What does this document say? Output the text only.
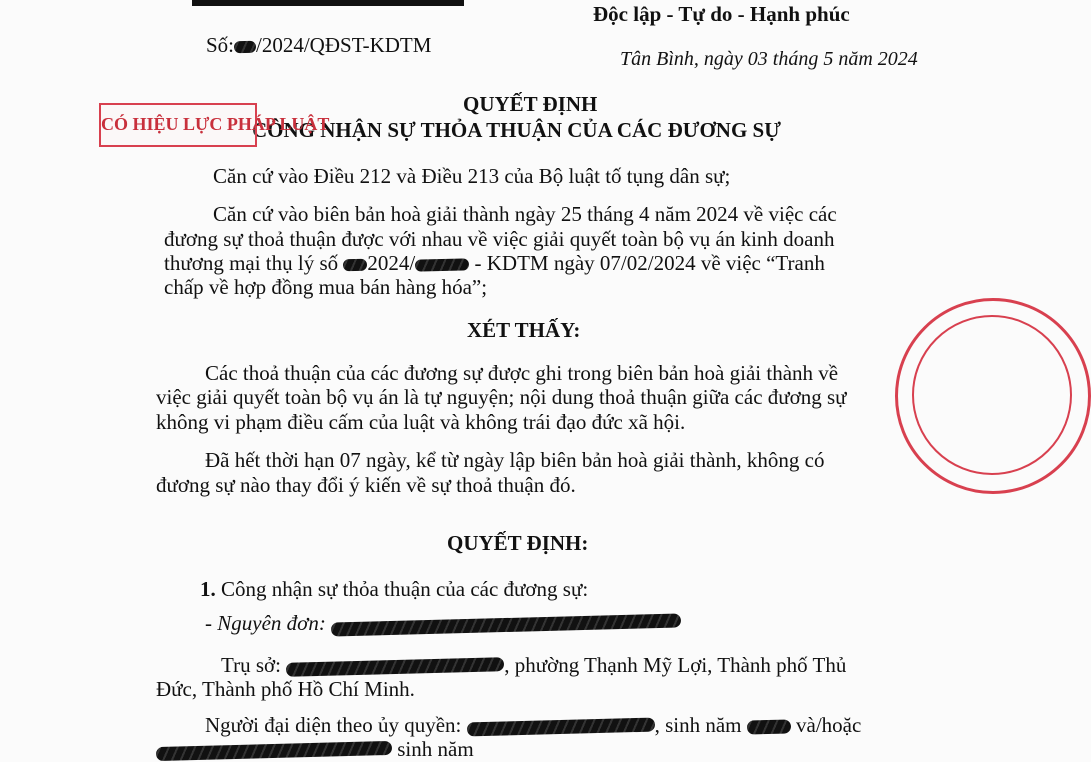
Độc lập - Tự do - Hạnh phúc
Số: /2024/QĐST-KDTM
Tân Bình, ngày 03 tháng 5 năm 2024
QUYẾT ĐỊNH
CÔNG NHẬN SỰ THỎA THUẬN CỦA CÁC ĐƯƠNG SỰ
CÓ HIỆU LỰC PHÁP LUẬT
Căn cứ vào Điều 212 và Điều 213 của Bộ luật tố tụng dân sự;
Căn cứ vào biên bản hoà giải thành ngày 25 tháng 4 năm 2024 về việc các
đương sự thoả thuận được với nhau về việc giải quyết toàn bộ vụ án kinh doanh
thương mại thụ lý số 2024/	- KDTM ngày 07/02/2024 về việc “Tranh
chấp về hợp đồng mua bán hàng hóa”;
XÉT THẤY:
Các thoả thuận của các đương sự được ghi trong biên bản hoà giải thành về
việc giải quyết toàn bộ vụ án là tự nguyện; nội dung thoả thuận giữa các đương sự
không vi phạm điều cấm của luật và không trái đạo đức xã hội.
Đã hết thời hạn 07 ngày, kể từ ngày lập biên bản hoà giải thành, không có
đương sự nào thay đổi ý kiến về sự thoả thuận đó.
QUYẾT ĐỊNH:
1. Công nhận sự thỏa thuận của các đương sự:
- Nguyên đơn:
Trụ sở:	, phường Thạnh Mỹ Lợi, Thành phố Thủ
Đức, Thành phố Hồ Chí Minh.
Người đại diện theo ủy quyền:	, sinh năm	và/hoặc
sinh năm
